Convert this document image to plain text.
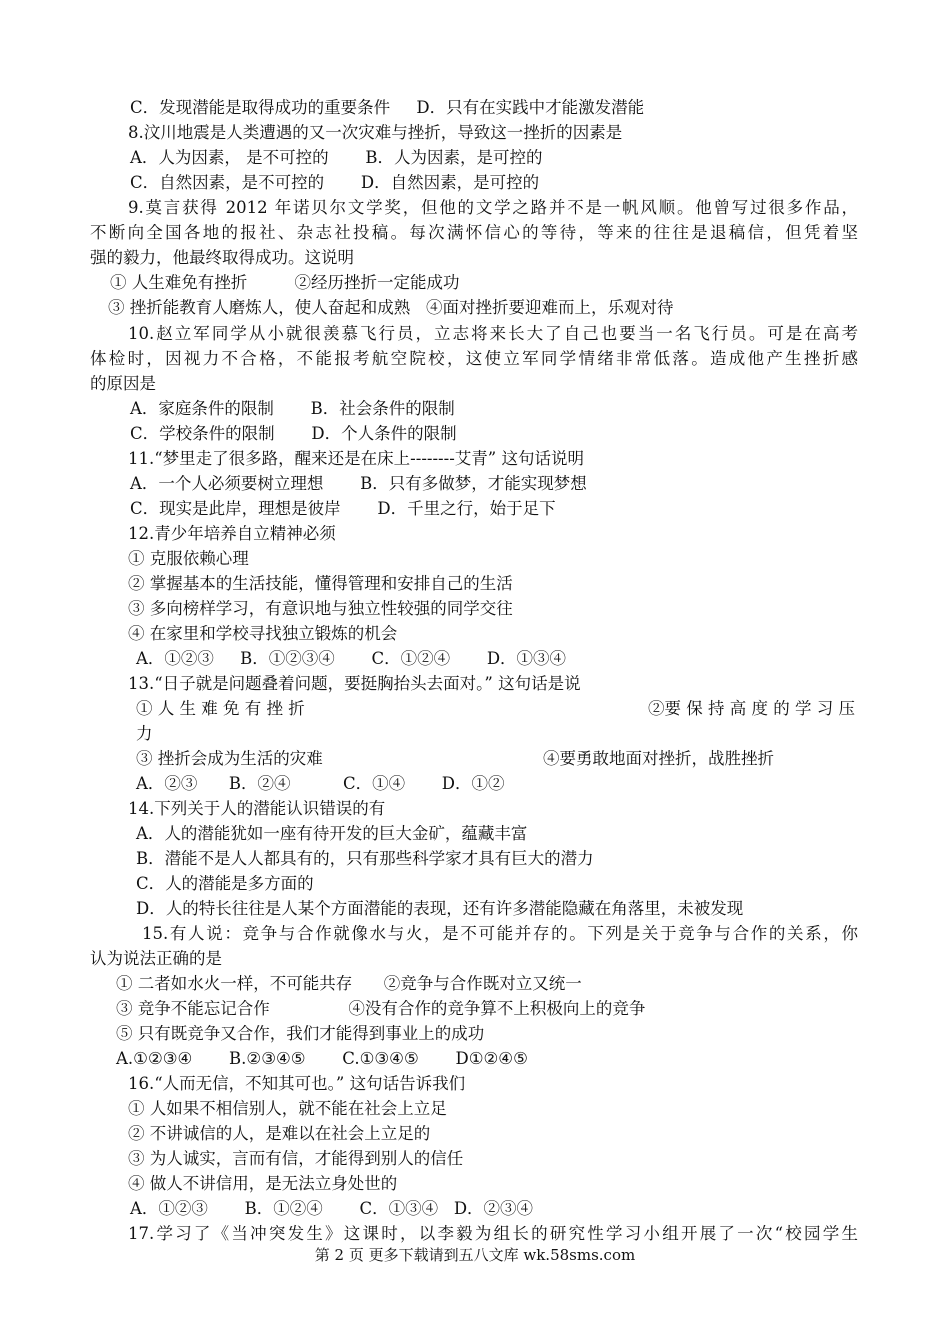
C．发现潜能是取得成功的重要条件     D．只有在实践中才能激发潜能
8.汶川地震是人类遭遇的又一次灾难与挫折，导致这一挫折的因素是
A．人为因素， 是不可控的       B．人为因素，是可控的
C．自然因素，是不可控的       D．自然因素，是可控的
9.莫言获得 2012 年诺贝尔文学奖，但他的文学之路并不是一帆风顺。他曾写过很多作品，
不断向全国各地的报社、杂志社投稿。每次满怀信心的等待，等来的往往是退稿信，但凭着坚
强的毅力，他最终取得成功。这说明
① 人生难免有挫折         ②经历挫折一定能成功
③ 挫折能教育人磨炼人，使人奋起和成熟   ④面对挫折要迎难而上，乐观对待
10.赵立军同学从小就很羡慕飞行员，立志将来长大了自己也要当一名飞行员。可是在高考
体检时，因视力不合格，不能报考航空院校，这使立军同学情绪非常低落。造成他产生挫折感
的原因是
A．家庭条件的限制       B．社会条件的限制
C．学校条件的限制       D．个人条件的限制
11.“梦里走了很多路，醒来还是在床上--------艾青” 这句话说明
A．一个人必须要树立理想       B．只有多做梦，才能实现梦想
C．现实是此岸，理想是彼岸       D．千里之行，始于足下
12.青少年培养自立精神必须
① 克服依赖心理
② 掌握基本的生活技能，懂得管理和安排自己的生活
③ 多向榜样学习，有意识地与独立性较强的同学交往
④ 在家里和学校寻找独立锻炼的机会
A．①②③     B．①②③④       C．①②④       D．①③④
13.“日子就是问题叠着问题，要挺胸抬头去面对。” 这句话是说
① 人 生 难 免 有 挫 折	②要 保 持 高 度 的 学 习 压
力
③ 挫折会成为生活的灾难	④要勇敢地面对挫折，战胜挫折
A．②③      B．②④          C．①④       D．①②
14.下列关于人的潜能认识错误的有
A．人的潜能犹如一座有待开发的巨大金矿，蕴藏丰富
B．潜能不是人人都具有的，只有那些科学家才具有巨大的潜力
C．人的潜能是多方面的
D．人的特长往往是人某个方面潜能的表现，还有许多潜能隐藏在角落里，未被发现
15.有人说：竞争与合作就像水与火，是不可能并存的。下列是关于竞争与合作的关系，你
认为说法正确的是
① 二者如水火一样，不可能共存      ②竞争与合作既对立又统一
③ 竞争不能忘记合作               ④没有合作的竞争算不上积极向上的竞争
⑤ 只有既竞争又合作，我们才能得到事业上的成功
A.①②③④       B.②③④⑤       C.①③④⑤       D①②④⑤
16.“人而无信，不知其可也。” 这句话告诉我们
① 人如果不相信别人，就不能在社会上立足
② 不讲诚信的人，是难以在社会上立足的
③ 为人诚实，言而有信，才能得到别人的信任
④ 做人不讲信用，是无法立身处世的
A．①②③       B．①②④       C．①③④   D．②③④
17.学习了《当冲突发生》这课时，以李毅为组长的研究性学习小组开展了一次“校园学生
第 2 页 更多下载请到五八文库 wk.58sms.com
